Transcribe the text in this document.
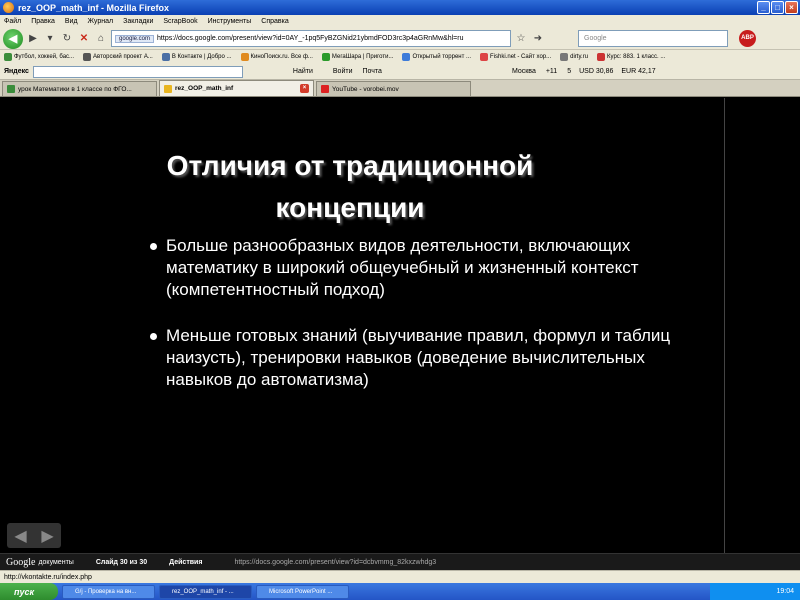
rez_OOP_math_inf - Mozilla Firefox	_	□	×
Файл Правка Вид Журнал Закладки ScrapBook Инструменты Справка
◀	▶	▾	↻ ✕ ⌂	google.com	https://docs.google.com/present/view?id=0AY_-1pq5FyBZGNid21ybmdFOD3rc3p4aGRnMw&hl=ru	☆ ➜	Google	ABP
Футбол, хоккей, бас...	Авторский проект А...	В Контакте | Добро ...	КиноПоиск.ru. Все ф...	МегаШара | Приготи...	Открытый торрент ...	Fishki.net - Сайт хор...	dirty.ru	Курс: 883. 1 класс. ...
Яндекс	Найти	Войти Почта	Москва +11 5 USD 30,86 EUR 42,17
урок Математики в 1 классе по ФГО...	rez_OOP_math_inf	×	YouTube - vorobei.mov
Отличия от традиционной концепции
Больше разнообразных видов деятельности, включающих математику в широкий общеучебный и жизненный контекст (компетентностный подход)
Меньше готовых знаний (выучивание правил, формул и таблиц наизусть), тренировки навыков (доведение вычислительных навыков до автоматизма)
◀ ▶
Google документы	Слайд 30 из 30	Действия	https://docs.google.com/present/view?id=dcbvmmg_82kxzwhdg3
http://vkontakte.ru/index.php
пуск	G/j - Проверка на вн...	rez_OOP_math_inf - ...	Microsoft PowerPoint ...	19:04
